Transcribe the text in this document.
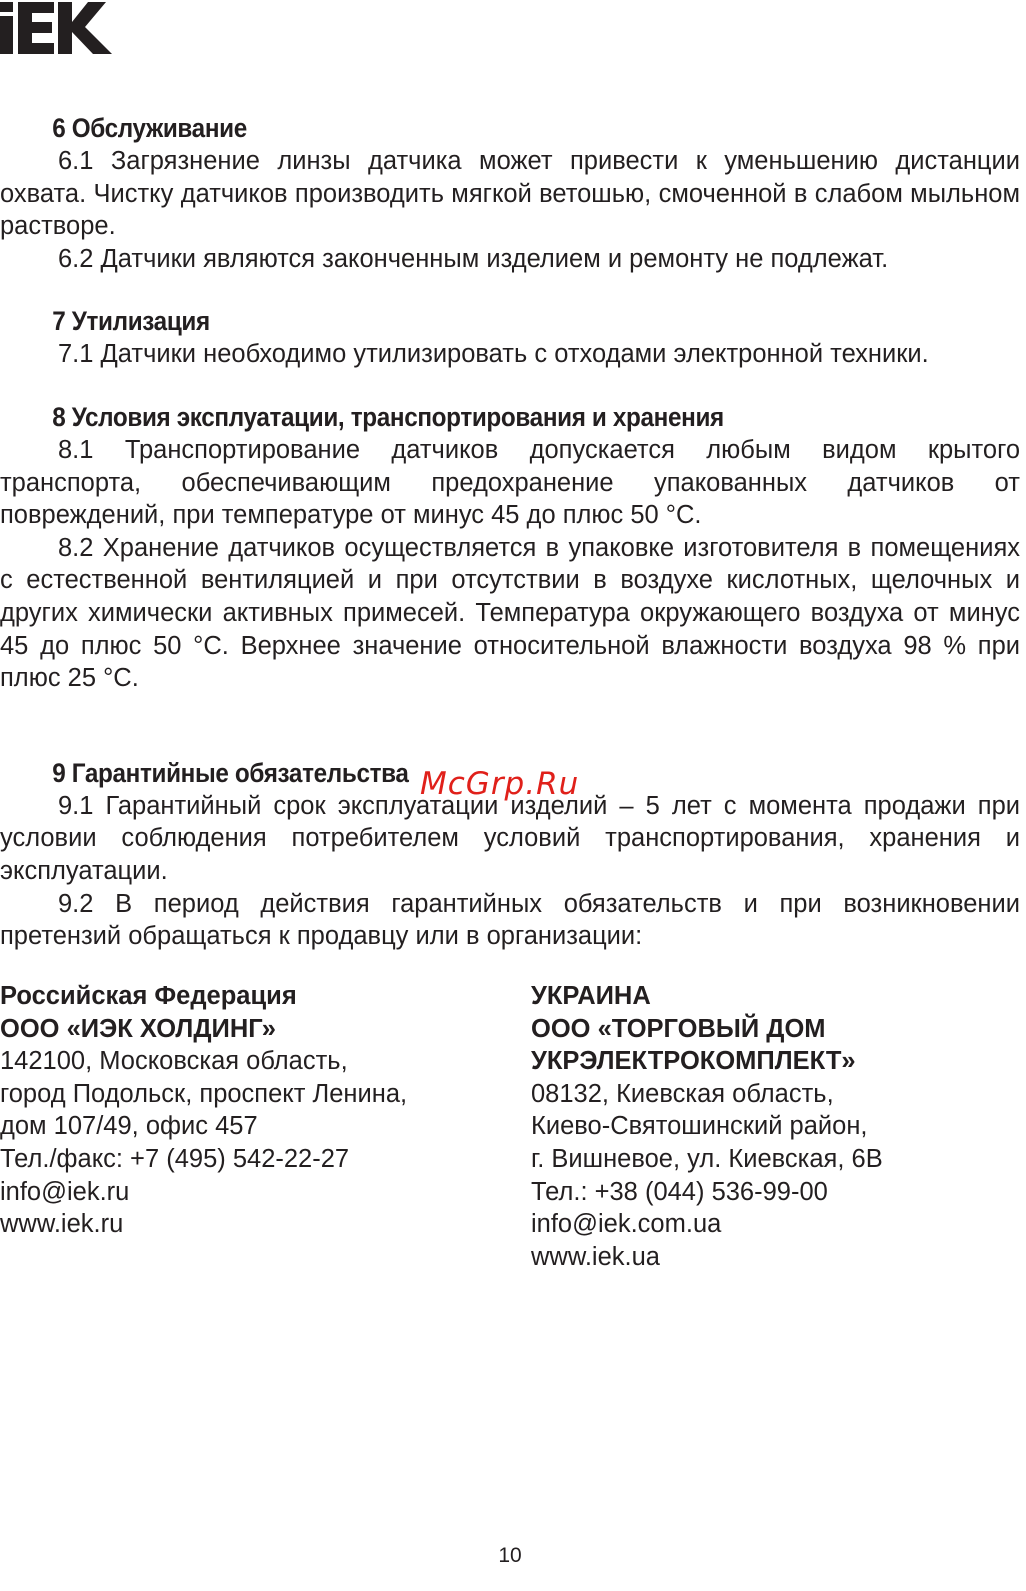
6 Обслуживание

6.1 Загрязнение линзы датчика может привести к уменьшению дистанции охвата. Чистку датчиков производить мягкой ветошью, смоченной в слабом мыльном растворе.

6.2 Датчики являются законченным изделием и ремонту не подлежат.

7 Утилизация

7.1 Датчики необходимо утилизировать с отходами электронной техники.

8 Условия эксплуатации, транспортирования и хранения

8.1 Транспортирование датчиков допускается любым видом крытого транспорта, обеспечивающим предохранение упакованных датчиков от повреждений, при температуре от минус 45 до плюс 50 °С.

8.2 Хранение датчиков осуществляется в упаковке изготовителя в помещениях с естественной вентиляцией и при отсутствии в воздухе кислотных, щелочных и других химически активных примесей. Температура окружающего воздуха от минус 45 до плюс 50 °С. Верхнее значение относительной влажности воздуха 98 % при плюс 25 °С.

9 Гарантийные обязательства

9.1 Гарантийный срок эксплуатации изделий – 5 лет с момента продажи при условии соблюдения потребителем условий транспортирования, хранения и эксплуатации.

9.2 В период действия гарантийных обязательств и при возникновении претензий обращаться к продавцу или в организации:

Российская Федерация
ООО «ИЭК ХОЛДИНГ»
142100, Московская область,
город Подольск, проспект Ленина,
дом 107/49, офис 457
Тел./факс: +7 (495) 542-22-27
info@iek.ru
www.iek.ru
УКРАИНА
ООО «ТОРГОВЫЙ ДОМ
УКРЭЛЕКТРОКОМПЛЕКТ»
08132, Киевская область,
Киево-Святошинский район,
г. Вишневое, ул. Киевская, 6В
Тел.: +38 (044) 536-99-00
info@iek.com.ua
www.iek.ua
McGrp.Ru
10
